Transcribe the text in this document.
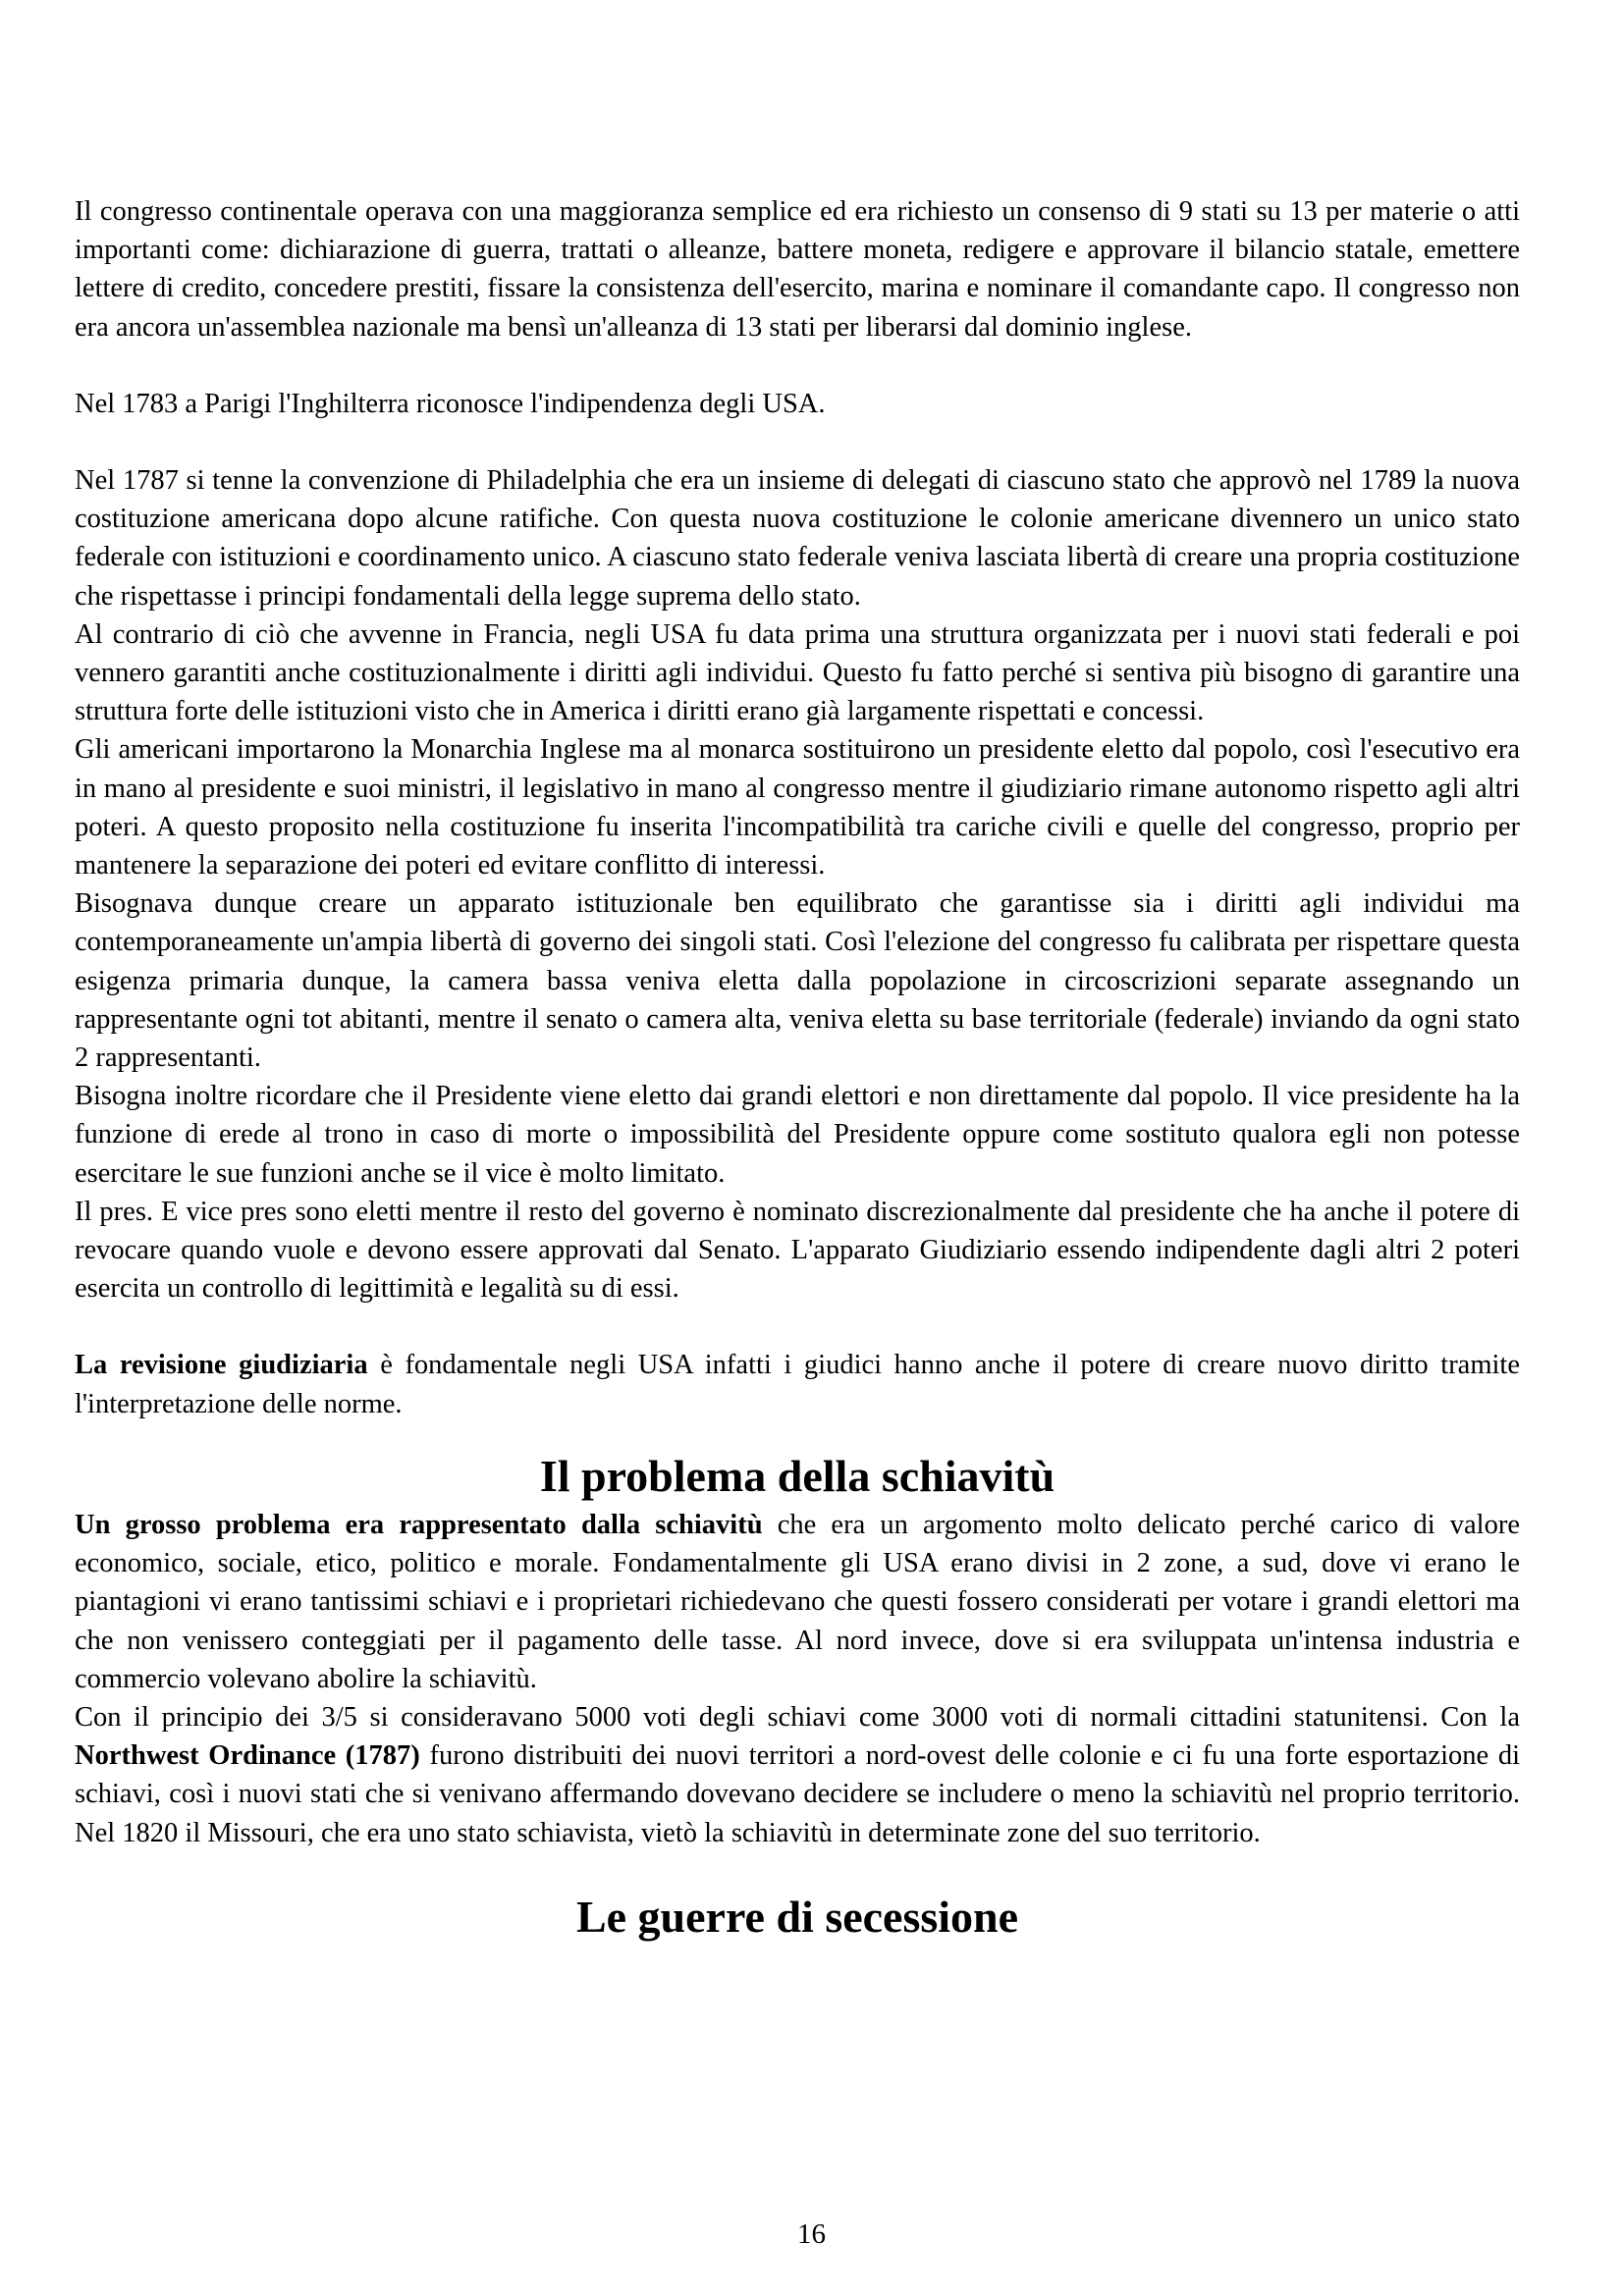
Il congresso continentale operava con una maggioranza semplice ed era richiesto un consenso di 9 stati su 13 per materie o atti importanti come: dichiarazione di guerra, trattati o alleanze, battere moneta, redigere e approvare il bilancio statale, emettere lettere di credito, concedere prestiti, fissare la consistenza dell'esercito, marina e nominare il comandante capo. Il congresso non era ancora un'assemblea nazionale ma bensì un'alleanza di 13 stati per liberarsi dal dominio inglese.

Nel 1783 a Parigi l'Inghilterra riconosce l'indipendenza degli USA.

Nel 1787 si tenne la convenzione di Philadelphia che era un insieme di delegati di ciascuno stato che approvò nel 1789 la nuova costituzione americana dopo alcune ratifiche. Con questa nuova costituzione le colonie americane divennero un unico stato federale con istituzioni e coordinamento unico. A ciascuno stato federale veniva lasciata libertà di creare una propria costituzione che rispettasse i principi fondamentali della legge suprema dello stato.

Al contrario di ciò che avvenne in Francia, negli USA fu data prima una struttura organizzata per i nuovi stati federali e poi vennero garantiti anche costituzionalmente i diritti agli individui. Questo fu fatto perché si sentiva più bisogno di garantire una struttura forte delle istituzioni visto che in America i diritti erano già largamente rispettati e concessi.

Gli americani importarono la Monarchia Inglese ma al monarca sostituirono un presidente eletto dal popolo, così l'esecutivo era in mano al presidente e suoi ministri, il legislativo in mano al congresso mentre il giudiziario rimane autonomo rispetto agli altri poteri. A questo proposito nella costituzione fu inserita l'incompatibilità tra cariche civili e quelle del congresso, proprio per mantenere la separazione dei poteri ed evitare conflitto di interessi.

Bisognava dunque creare un apparato istituzionale ben equilibrato che garantisse sia i diritti agli individui ma contemporaneamente un'ampia libertà di governo dei singoli stati. Così l'elezione del congresso fu calibrata per rispettare questa esigenza primaria dunque, la camera bassa veniva eletta dalla popolazione in circoscrizioni separate assegnando un rappresentante ogni tot abitanti, mentre il senato o camera alta, veniva eletta su base territoriale (federale) inviando da ogni stato 2 rappresentanti.

Bisogna inoltre ricordare che il Presidente viene eletto dai grandi elettori e non direttamente dal popolo. Il vice presidente ha la funzione di erede al trono in caso di morte o impossibilità del Presidente oppure come sostituto qualora egli non potesse esercitare le sue funzioni anche se il vice è molto limitato.

Il pres. E vice pres sono eletti mentre il resto del governo è nominato discrezionalmente dal presidente che ha anche il potere di revocare quando vuole e devono essere approvati dal Senato. L'apparato Giudiziario essendo indipendente dagli altri 2 poteri esercita un controllo di legittimità e legalità su di essi.

La revisione giudiziaria è fondamentale negli USA infatti i giudici hanno anche il potere di creare nuovo diritto tramite l'interpretazione delle norme.

Il problema della schiavitù

Un grosso problema era rappresentato dalla schiavitù che era un argomento molto delicato perché carico di valore economico, sociale, etico, politico e morale. Fondamentalmente gli USA erano divisi in 2 zone, a sud, dove vi erano le piantagioni vi erano tantissimi schiavi e i proprietari richiedevano che questi fossero considerati per votare i grandi elettori ma che non venissero conteggiati per il pagamento delle tasse. Al nord invece, dove si era sviluppata un'intensa industria e commercio volevano abolire la schiavitù.

Con il principio dei 3/5 si consideravano 5000 voti degli schiavi come 3000 voti di normali cittadini statunitensi. Con la Northwest Ordinance (1787) furono distribuiti dei nuovi territori a nord-ovest delle colonie e ci fu una forte esportazione di schiavi, così i nuovi stati che si venivano affermando dovevano decidere se includere o meno la schiavitù nel proprio territorio. Nel 1820 il Missouri, che era uno stato schiavista, vietò la schiavitù in determinate zone del suo territorio.

Le guerre di secessione
16
